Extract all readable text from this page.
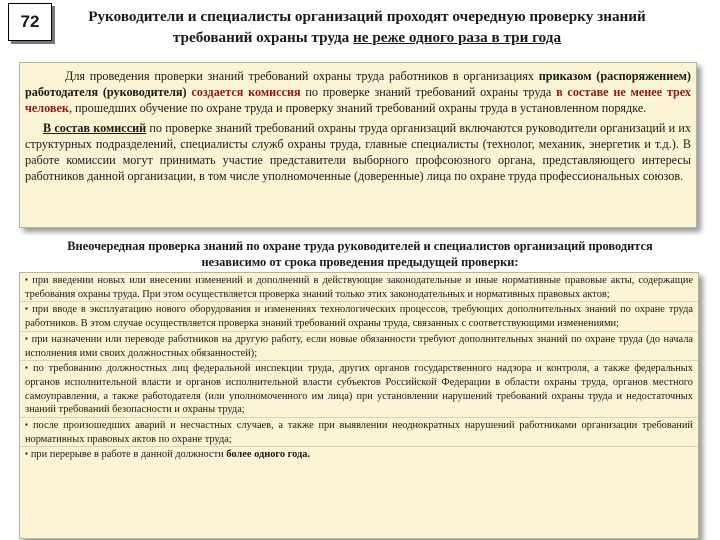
72	Руководители и специалисты организаций проходят очередную проверку знаний требований охраны труда не реже одного раза в три года

Для проведения проверки знаний требований охраны труда работников в организациях приказом (распоряжением) работодателя (руководителя) создается комиссия по проверке знаний требований охраны труда в составе не менее трех человек, прошедших обучение по охране труда и проверку знаний требований охраны труда в установленном порядке.

В состав комиссий по проверке знаний требований охраны труда организаций включаются руководители организаций и их структурных подразделений, специалисты служб охраны труда, главные специалисты (технолог, механик, энергетик и т.д.). В работе комиссии могут принимать участие представители выборного профсоюзного органа, представляющего интересы работников данной организации, в том числе уполномоченные (доверенные) лица по охране труда профессиональных союзов.

Внеочередная проверка знаний по охране труда руководителей и специалистов организаций проводится независимо от срока проведения предыдущей проверки:
▪ при введении новых или внесении изменений и дополнений в действующие законодательные и иные нормативные правовые акты, содержащие требования охраны труда. При этом осуществляется проверка знаний только этих законодательных и нормативных правовых актов;
▪ при вводе в эксплуатацию нового оборудования и изменениях технологических процессов, требующих дополнительных знаний по охране труда работников. В этом случае осуществляется проверка знаний требований охраны труда, связанных с соответствующими изменениями;
▪ при назначении или переводе работников на другую работу, если новые обязанности требуют дополнительных знаний по охране труда (до начала исполнения ими своих должностных обязанностей);
▪ по требованию должностных лиц федеральной инспекции труда, других органов государственного надзора и контроля, а также федеральных органов исполнительной власти и органов исполнительной власти субъектов Российской Федерации в области охраны труда, органов местного самоуправления, а также работодателя (или уполномоченного им лица) при установлении нарушений требований охраны труда и недостаточных знаний требований безопасности и охраны труда;
▪ после произошедших аварий и несчастных случаев, а также при выявлении неоднократных нарушений работниками организации требований нормативных правовых актов по охране труда;
▪ при перерыве в работе в данной должности более одного года.
